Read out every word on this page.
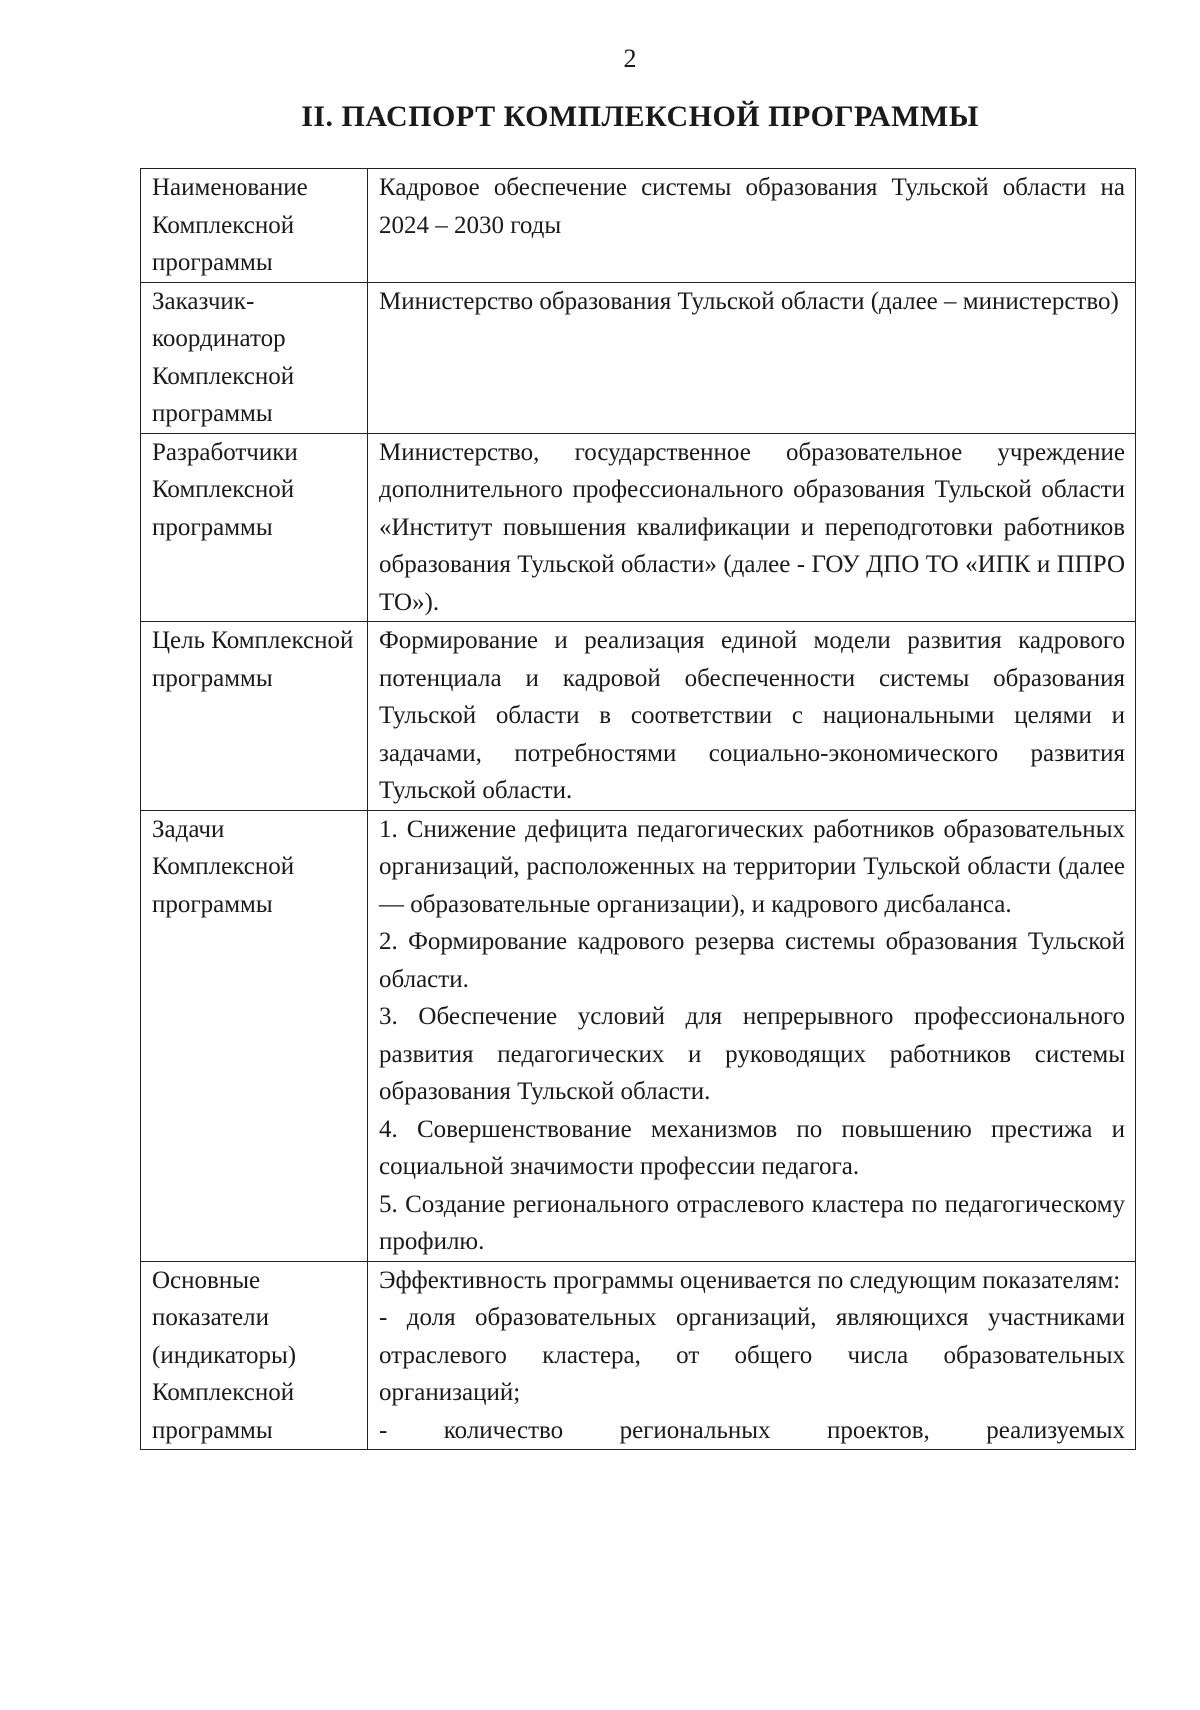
2
II. ПАСПОРТ КОМПЛЕКСНОЙ ПРОГРАММЫ
Наименование Комплексной программы	Кадровое обеспечение системы образования Тульской области на 2024 – 2030 годы

Заказчик-координатор Комплексной программы	Министерство образования Тульской области (далее – министерство)

Разработчики Комплексной программы	Министерство, государственное образовательное учреждение дополнительного профессионального образования Тульской области «Институт повышения квалификации и переподготовки работников образования Тульской области» (далее - ГОУ ДПО ТО «ИПК и ППРО ТО»).

Цель Комплексной программы	Формирование и реализация единой модели развития кадрового потенциала и кадровой обеспеченности системы образования Тульской области в соответствии с национальными целями и задачами, потребностями социально-экономического развития Тульской области.

Задачи Комплексной программы	1. Снижение дефицита педагогических работников образовательных организаций, расположенных на территории Тульской области (далее — образовательные организации), и кадрового дисбаланса.

2. Формирование кадрового резерва системы образования Тульской области.

3. Обеспечение условий для непрерывного профессионального развития педагогических и руководящих работников системы образования Тульской области.

4. Совершенствование механизмов по повышению престижа и социальной значимости профессии педагога.

5. Создание регионального отраслевого кластера по педагогическому профилю.

Основные показатели (индикаторы) Комплексной программы	Эффективность программы оценивается по следующим показателям:

- доля образовательных организаций, являющихся участниками отраслевого кластера, от общего числа образовательных организаций;

- количество региональных проектов, реализуемых
